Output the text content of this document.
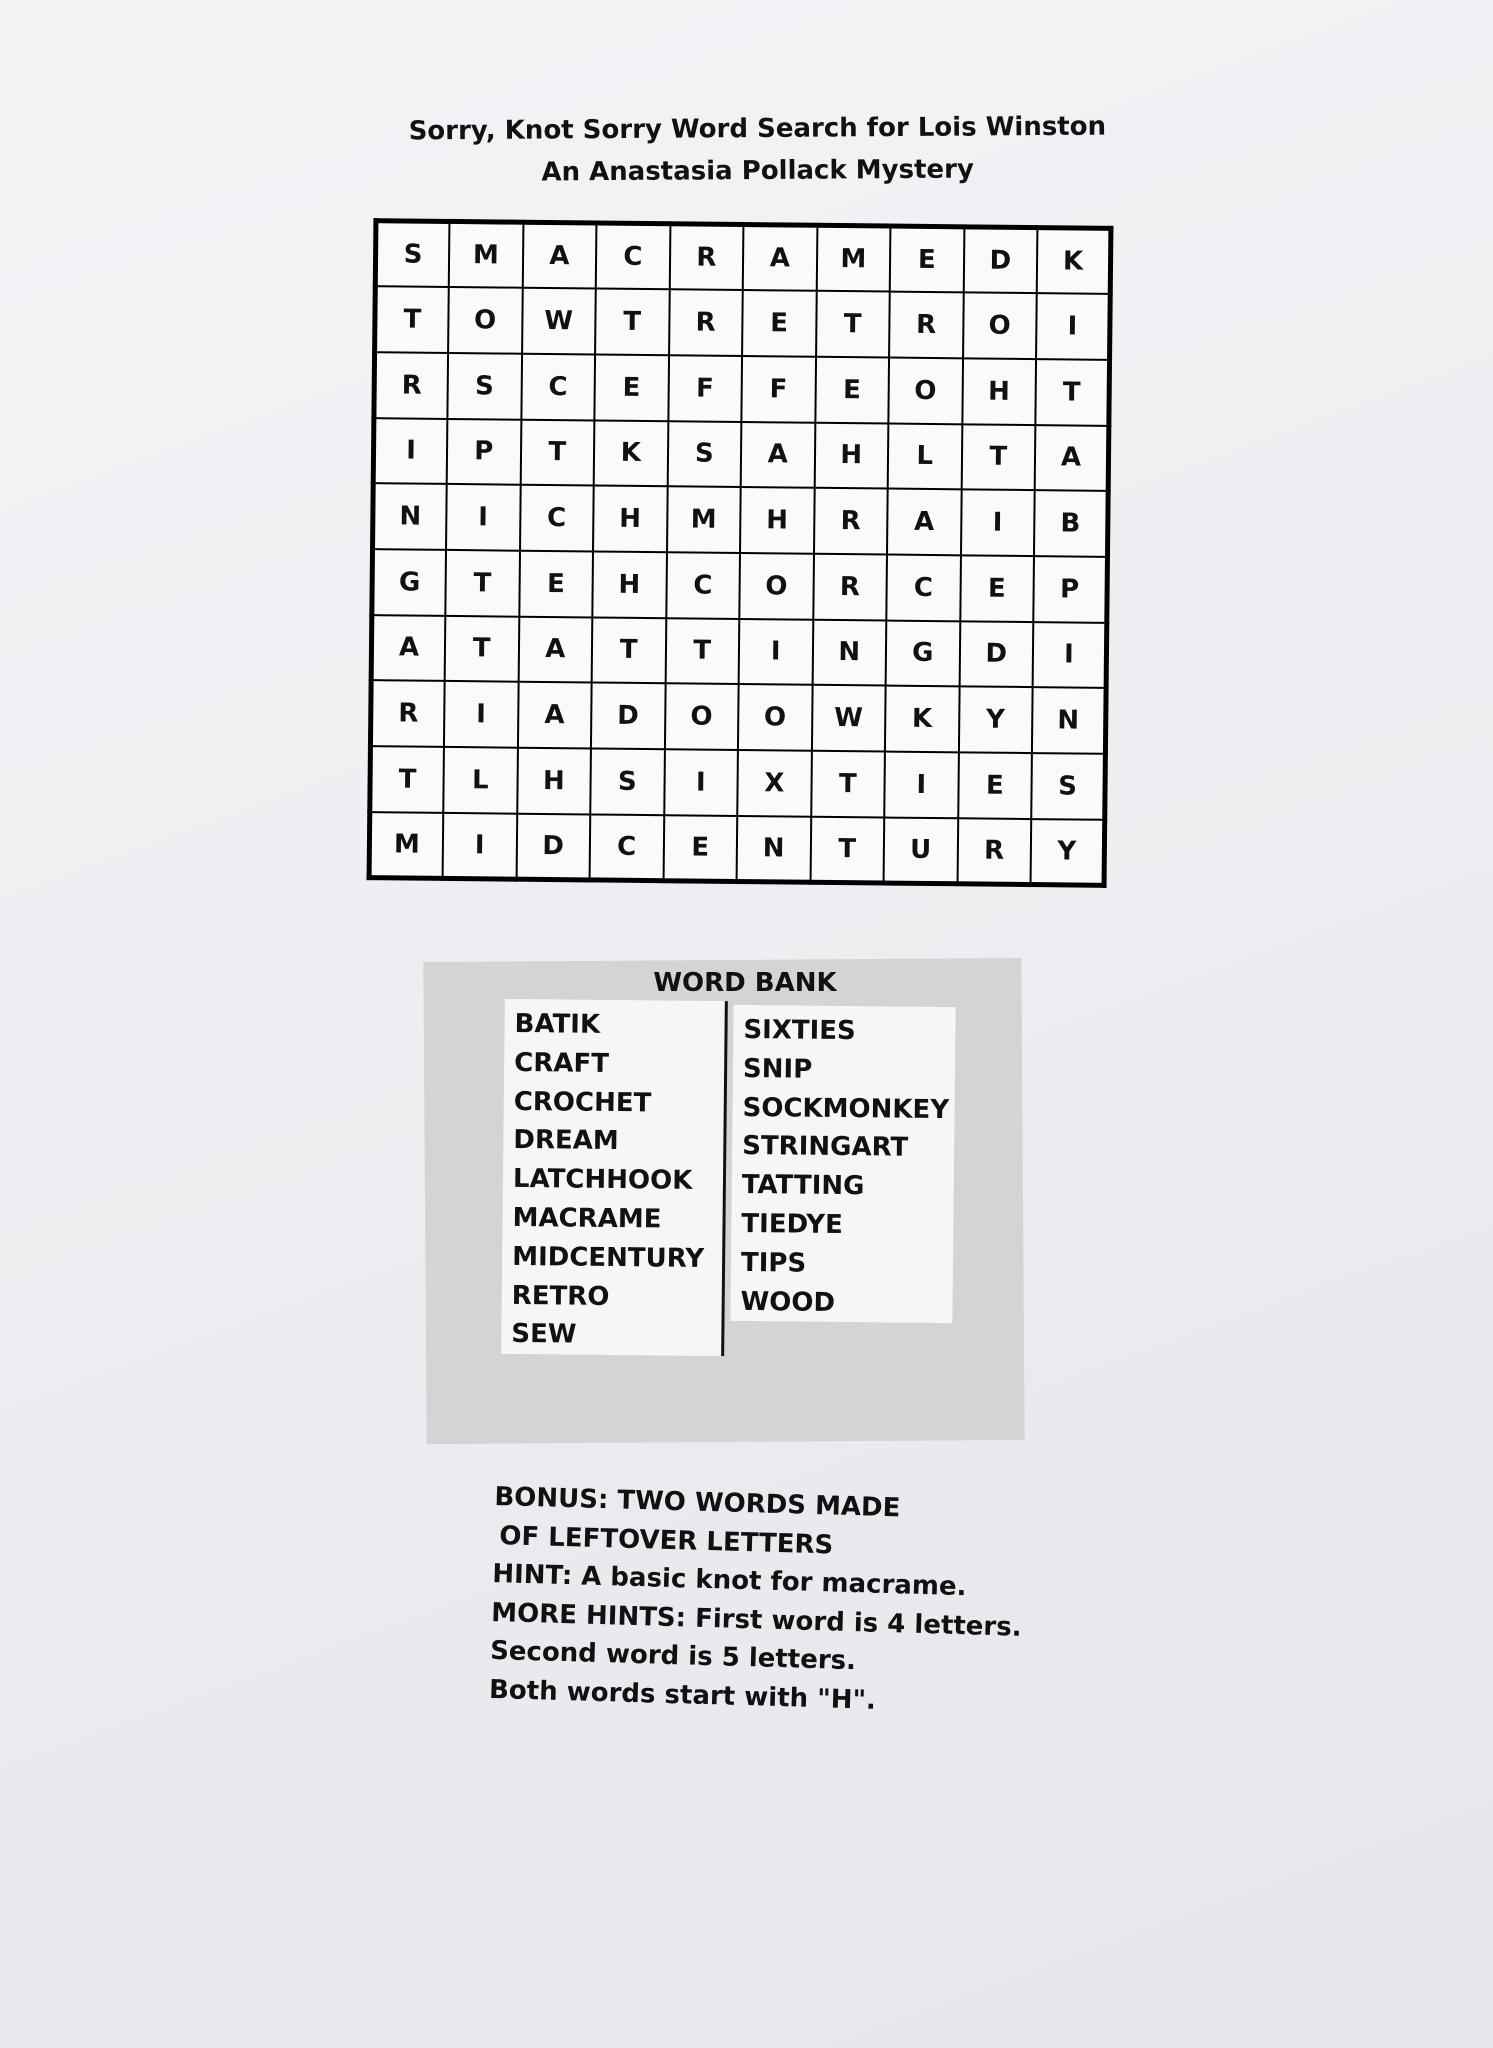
Sorry, Knot Sorry Word Search for Lois Winston
An Anastasia Pollack Mystery
S	M	A	C	R	A	M	E	D	K
T	O	W	T	R	E	T	R	O	I
R	S	C	E	F	F	E	O	H	T
I	P	T	K	S	A	H	L	T	A
N	I	C	H	M	H	R	A	I	B
G	T	E	H	C	O	R	C	E	P
A	T	A	T	T	I	N	G	D	I
R	I	A	D	O	O	W	K	Y	N
T	L	H	S	I	X	T	I	E	S
M	I	D	C	E	N	T	U	R	Y
WORD BANK
BATIK
CRAFT
CROCHET
DREAM
LATCHHOOK
MACRAME
MIDCENTURY
RETRO
SEW
SIXTIES
SNIP
SOCKMONKEY
STRINGART
TATTING
TIEDYE
TIPS
WOOD
BONUS: TWO WORDS MADE
OF LEFTOVER LETTERS
HINT: A basic knot for macrame.
MORE HINTS: First word is 4 letters.
Second word is 5 letters.
Both words start with "H".
